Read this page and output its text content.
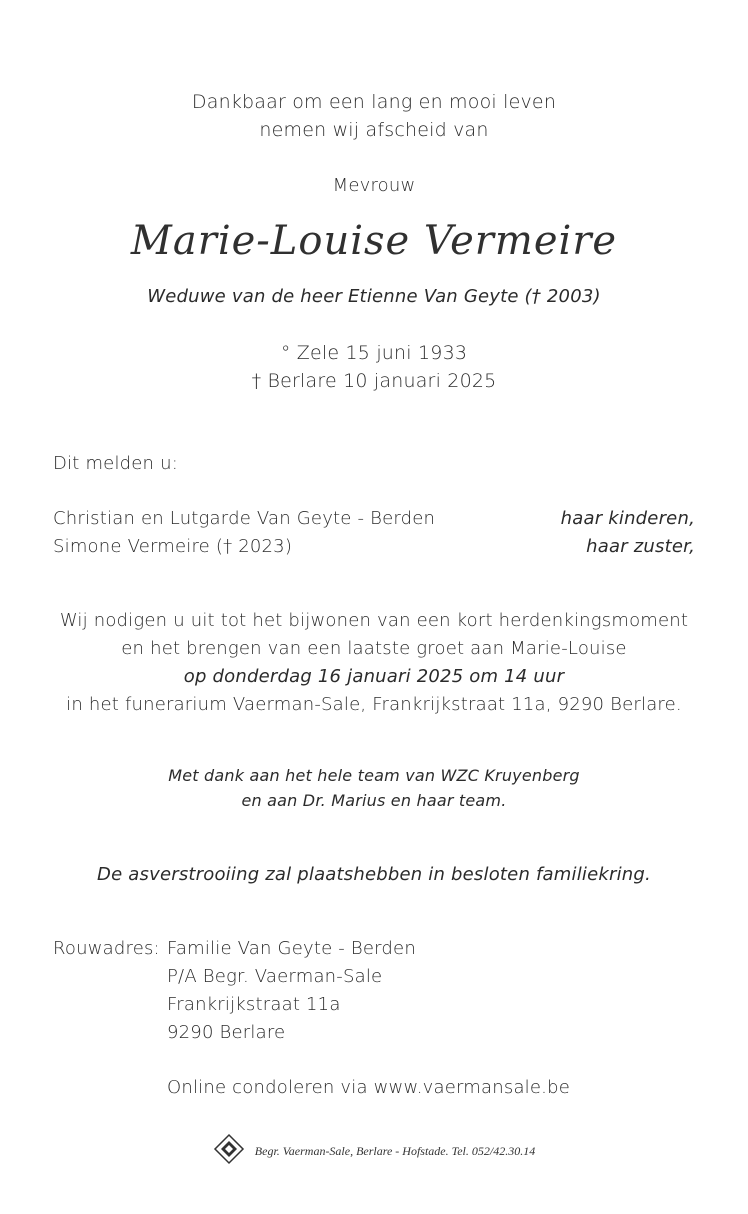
Dankbaar om een lang en mooi leven
nemen wij afscheid van
Mevrouw
Marie-Louise Vermeire
Weduwe van de heer Etienne Van Geyte († 2003)
° Zele 15 juni 1933
† Berlare 10 januari 2025
Dit melden u:
Christian en Lutgarde Van Geyte - Berden	haar kinderen,
Simone Vermeire († 2023)	haar zuster,
Wij nodigen u uit tot het bijwonen van een kort herdenkingsmoment
en het brengen van een laatste groet aan Marie-Louise
op donderdag 16 januari 2025 om 14 uur
in het funerarium Vaerman-Sale, Frankrijkstraat 11a, 9290 Berlare.
Met dank aan het hele team van WZC Kruyenberg
en aan Dr. Marius en haar team.
De asverstrooiing zal plaatshebben in besloten familiekring.
Rouwadres: Familie Van Geyte - Berden
P/A Begr. Vaerman-Sale
Frankrijkstraat 11a
9290 Berlare
Online condoleren via www.vaermansale.be
Begr. Vaerman-Sale, Berlare - Hofstade. Tel. 052/42.30.14
